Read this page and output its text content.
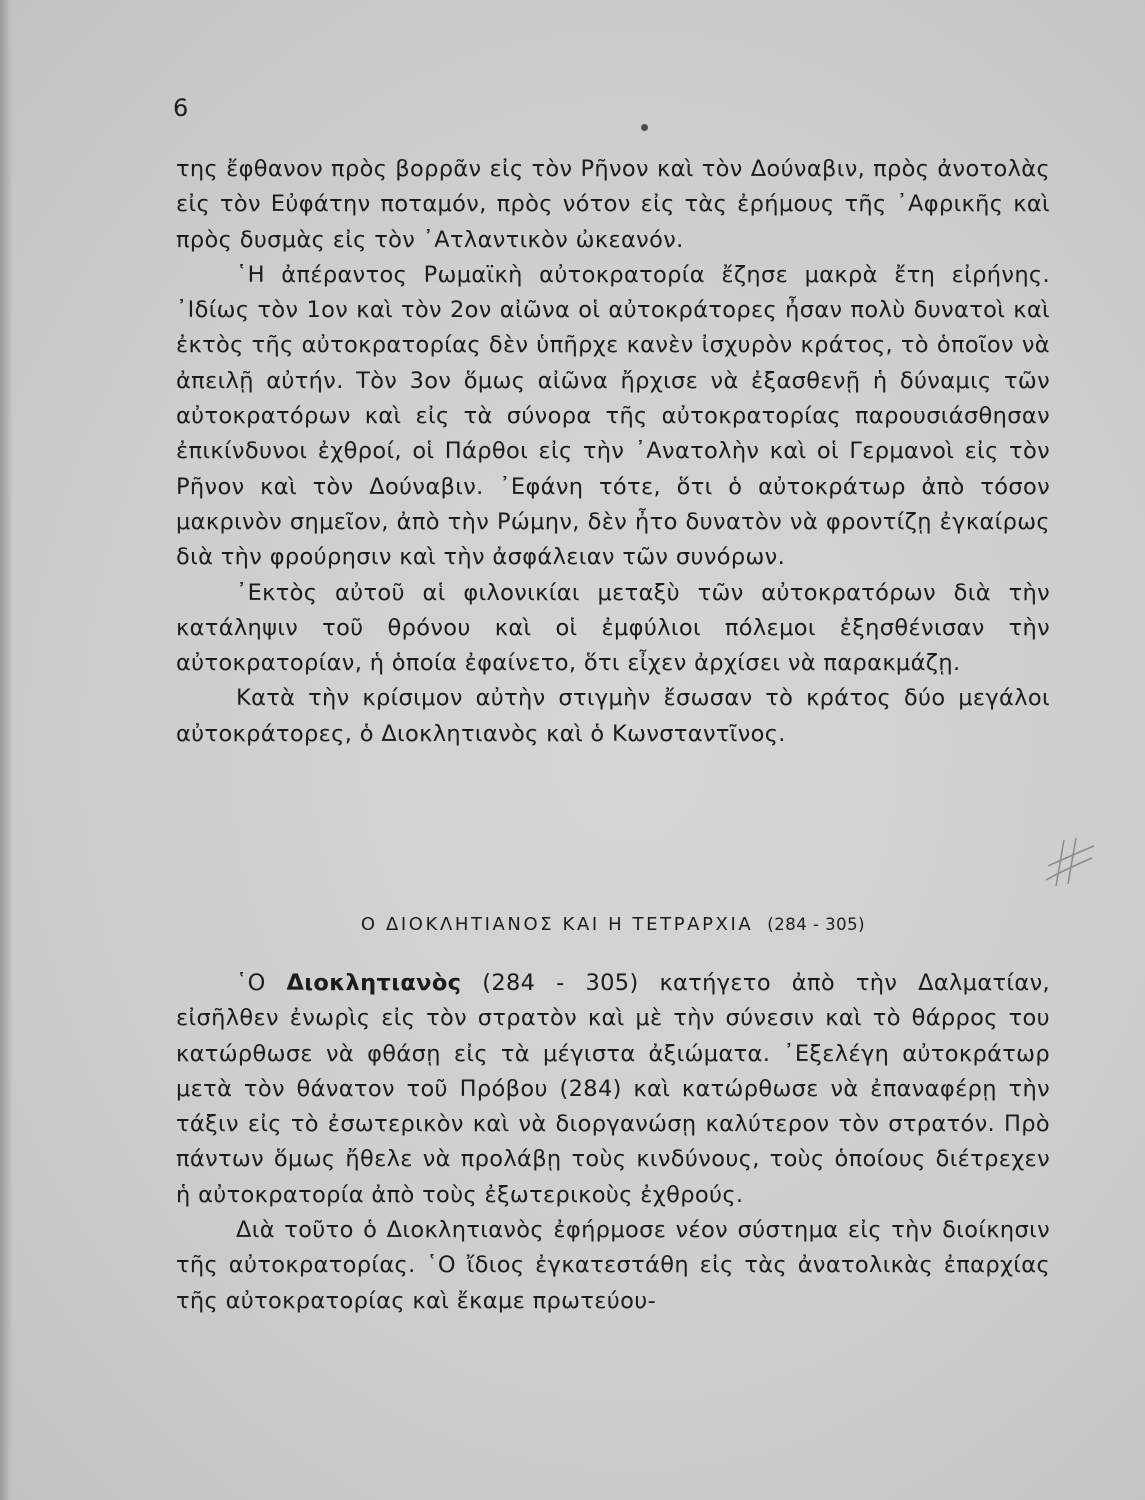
6

της ἔφθανον πρὸς βορρᾶν εἰς τὸν Ρῆνον καὶ τὸν Δούναβιν, πρὸς ἀνοτολὰς εἰς τὸν Εὐφάτην ποταμόν, πρὸς νότον εἰς τὰς ἐρήμους τῆς ᾿Αφρικῆς καὶ πρὸς δυσμὰς εἰς τὸν ᾿Ατλαντικὸν ὠκεανόν.

῾Η ἀπέραντος Ρωμαϊκὴ αὐτοκρατορία ἔζησε μακρὰ ἔτη εἰρήνης. ᾿Ιδίως τὸν 1ον καὶ τὸν 2ον αἰῶνα οἱ αὐτοκράτορες ἦσαν πολὺ δυνατοὶ καὶ ἐκτὸς τῆς αὐτοκρατορίας δὲν ὑπῆρχε κανὲν ἰσχυρὸν κράτος, τὸ ὁποῖον νὰ ἀπειλῇ αὐτήν. Τὸν 3ον ὅμως αἰῶνα ἤρχισε νὰ ἐξασθενῇ ἡ δύναμις τῶν αὐτοκρατόρων καὶ εἰς τὰ σύνορα τῆς αὐτοκρατορίας παρουσιάσθησαν ἐπικίνδυνοι ἐχθροί, οἱ Πάρθοι εἰς τὴν ᾿Ανατολὴν καὶ οἱ Γερμανοὶ εἰς τὸν Ρῆνον καὶ τὸν Δούναβιν. ᾿Εφάνη τότε, ὅτι ὁ αὐτοκράτωρ ἀπὸ τόσον μακρινὸν σημεῖον, ἀπὸ τὴν Ρώμην, δὲν ἦτο δυνατὸν νὰ φροντίζῃ ἐγκαίρως διὰ τὴν φρούρησιν καὶ τὴν ἀσφάλειαν τῶν συνόρων.

᾿Εκτὸς αὐτοῦ αἱ φιλονικίαι μεταξὺ τῶν αὐτοκρατόρων διὰ τὴν κατάληψιν τοῦ θρόνου καὶ οἱ ἐμφύλιοι πόλεμοι ἐξησθένισαν τὴν αὐτοκρατορίαν, ἡ ὁποία ἐφαίνετο, ὅτι εἶχεν ἀρχίσει νὰ παρακμάζῃ.

Κατὰ τὴν κρίσιμον αὐτὴν στιγμὴν ἔσωσαν τὸ κράτος δύο μεγάλοι αὐτοκράτορες, ὁ Διοκλητιανὸς καὶ ὁ Κωνσταντῖνος.

Ο ΔΙΟΚΛΗΤΙΑΝΟΣ ΚΑΙ Η ΤΕΤΡΑΡΧΙΑ (284 - 305)

῾Ο Διοκλητιανὸς (284 - 305) κατήγετο ἀπὸ τὴν Δαλματίαν, εἰσῆλθεν ἐνωρὶς εἰς τὸν στρατὸν καὶ μὲ τὴν σύνεσιν καὶ τὸ θάρρος του κατώρθωσε νὰ φθάσῃ εἰς τὰ μέγιστα ἀξιώματα. ᾿Εξελέγη αὐτοκράτωρ μετὰ τὸν θάνατον τοῦ Πρόβου (284) καὶ κατώρθωσε νὰ ἐπαναφέρῃ τὴν τάξιν εἰς τὸ ἐσωτερικὸν καὶ νὰ διοργανώσῃ καλύτερον τὸν στρατόν. Πρὸ πάντων ὅμως ἤθελε νὰ προλάβῃ τοὺς κινδύνους, τοὺς ὁποίους διέτρεχεν ἡ αὐτοκρατορία ἀπὸ τοὺς ἐξωτερικοὺς ἐχθρούς.

Διὰ τοῦτο ὁ Διοκλητιανὸς ἐφήρμοσε νέον σύστημα εἰς τὴν διοίκησιν τῆς αὐτοκρατορίας. ῾Ο ἴδιος ἐγκατεστάθη εἰς τὰς ἀνατολικὰς ἐπαρχίας τῆς αὐτοκρατορίας καὶ ἔκαμε πρωτεύου-
